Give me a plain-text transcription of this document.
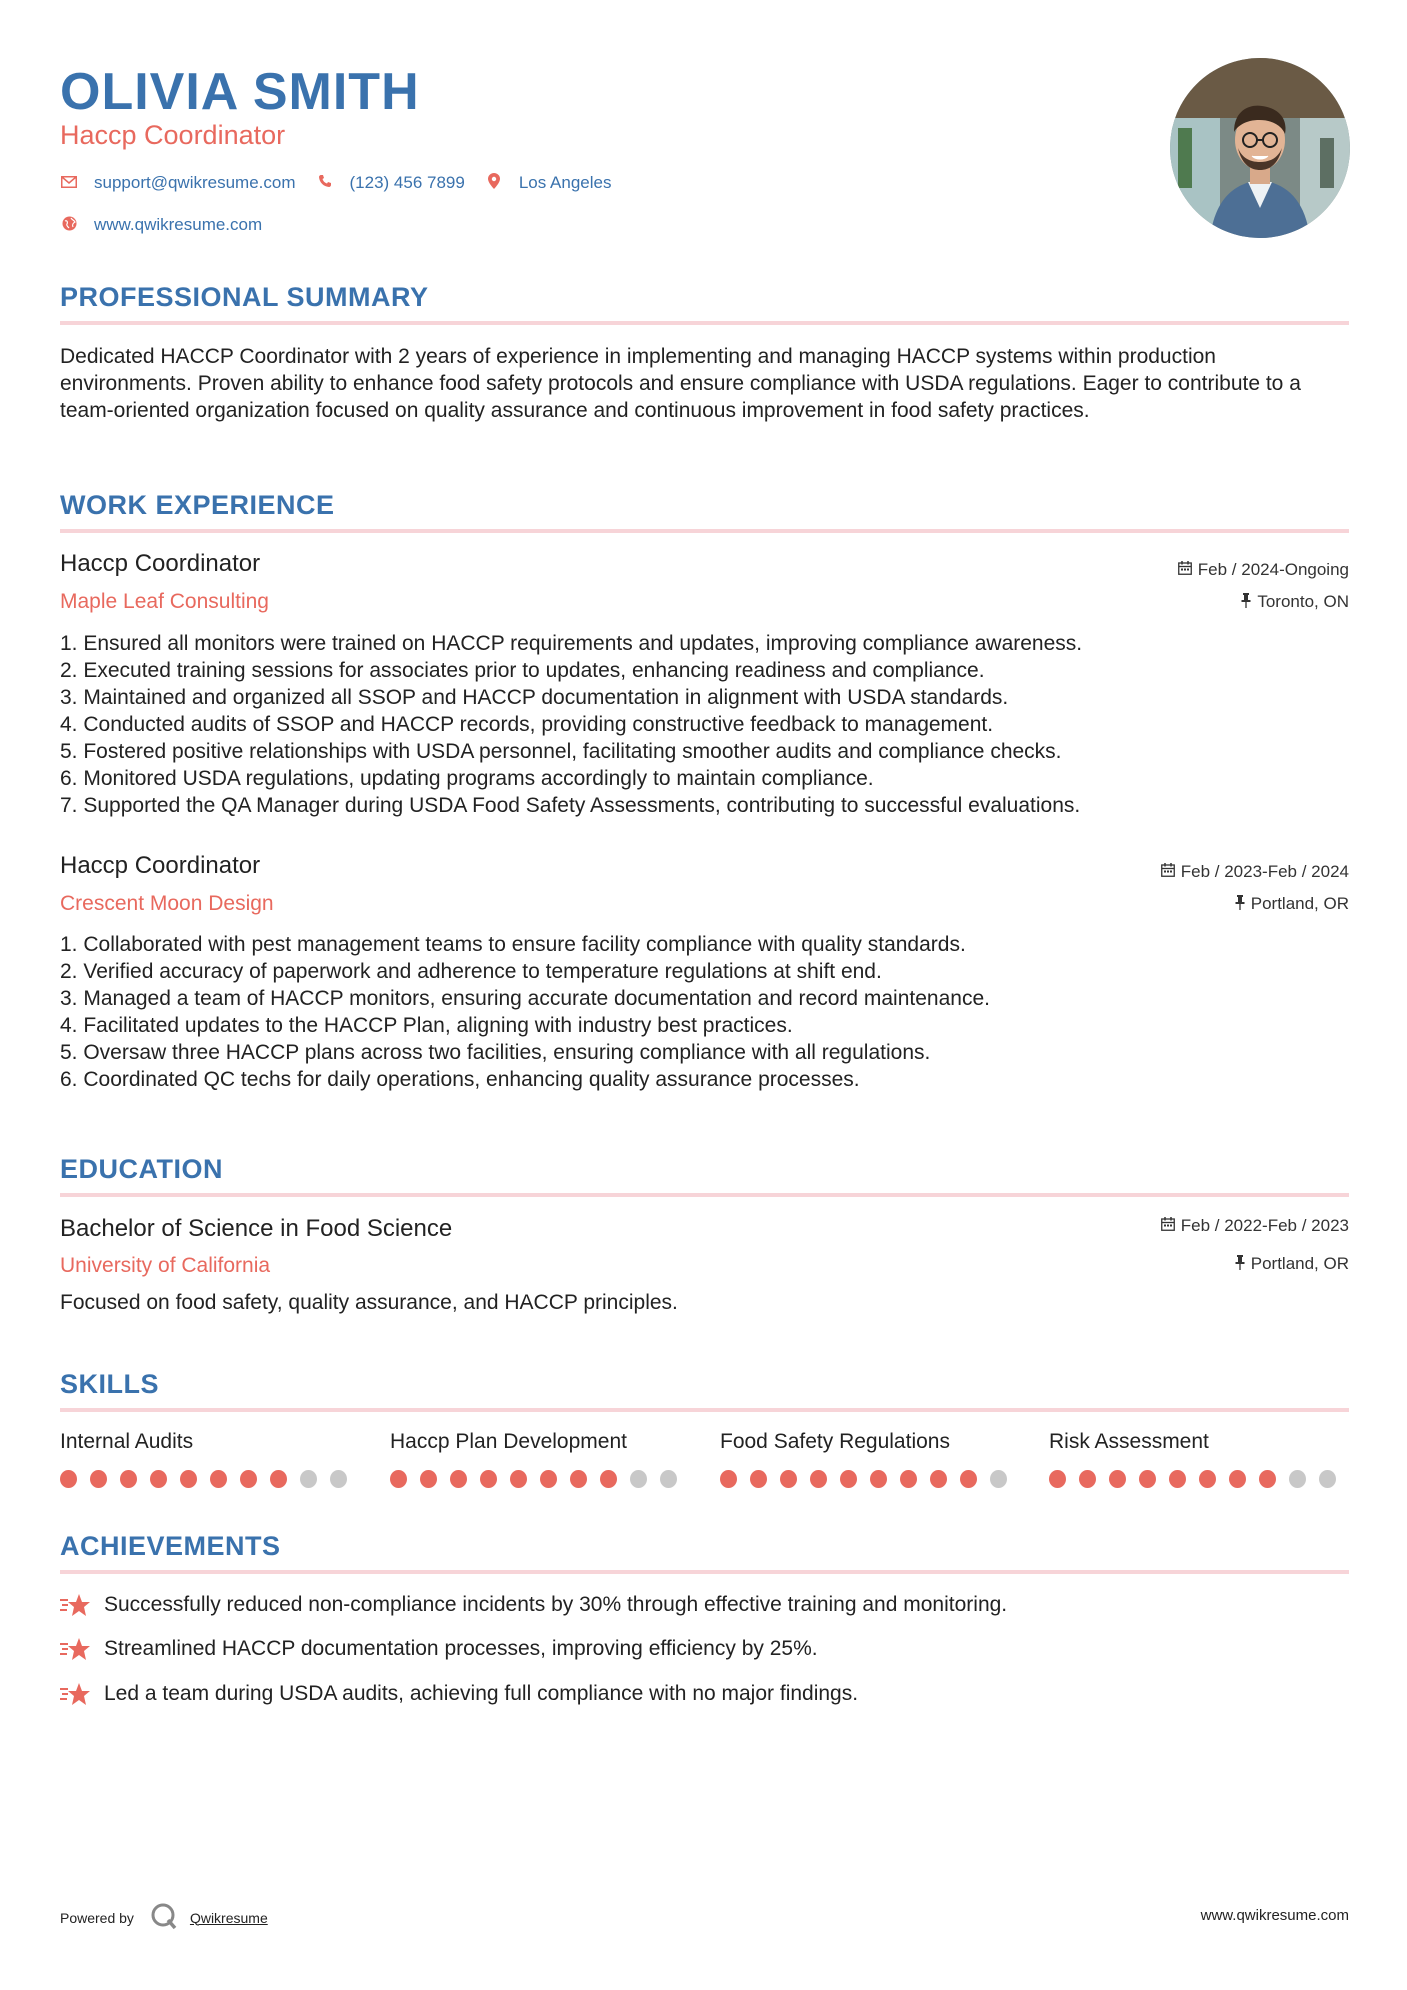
OLIVIA SMITH
Haccp Coordinator
support@qwikresume.com	(123) 456 7899	Los Angeles
www.qwikresume.com
PROFESSIONAL SUMMARY
Dedicated HACCP Coordinator with 2 years of experience in implementing and managing HACCP systems within production environments. Proven ability to enhance food safety protocols and ensure compliance with USDA regulations. Eager to contribute to a team-oriented organization focused on quality assurance and continuous improvement in food safety practices.
WORK EXPERIENCE
Haccp Coordinator
Maple Leaf Consulting
Feb / 2024-Ongoing
Toronto, ON
1. Ensured all monitors were trained on HACCP requirements and updates, improving compliance awareness.
2. Executed training sessions for associates prior to updates, enhancing readiness and compliance.
3. Maintained and organized all SSOP and HACCP documentation in alignment with USDA standards.
4. Conducted audits of SSOP and HACCP records, providing constructive feedback to management.
5. Fostered positive relationships with USDA personnel, facilitating smoother audits and compliance checks.
6. Monitored USDA regulations, updating programs accordingly to maintain compliance.
7. Supported the QA Manager during USDA Food Safety Assessments, contributing to successful evaluations.
Haccp Coordinator
Crescent Moon Design
Feb / 2023-Feb / 2024
Portland, OR
1. Collaborated with pest management teams to ensure facility compliance with quality standards.
2. Verified accuracy of paperwork and adherence to temperature regulations at shift end.
3. Managed a team of HACCP monitors, ensuring accurate documentation and record maintenance.
4. Facilitated updates to the HACCP Plan, aligning with industry best practices.
5. Oversaw three HACCP plans across two facilities, ensuring compliance with all regulations.
6. Coordinated QC techs for daily operations, enhancing quality assurance processes.
EDUCATION
Bachelor of Science in Food Science
University of California
Feb / 2022-Feb / 2023
Portland, OR
Focused on food safety, quality assurance, and HACCP principles.
SKILLS
Internal Audits	Haccp Plan Development	Food Safety Regulations	Risk Assessment
ACHIEVEMENTS
Successfully reduced non-compliance incidents by 30% through effective training and monitoring.
Streamlined HACCP documentation processes, improving efficiency by 25%.
Led a team during USDA audits, achieving full compliance with no major findings.
Powered by	Qwikresume	www.qwikresume.com
